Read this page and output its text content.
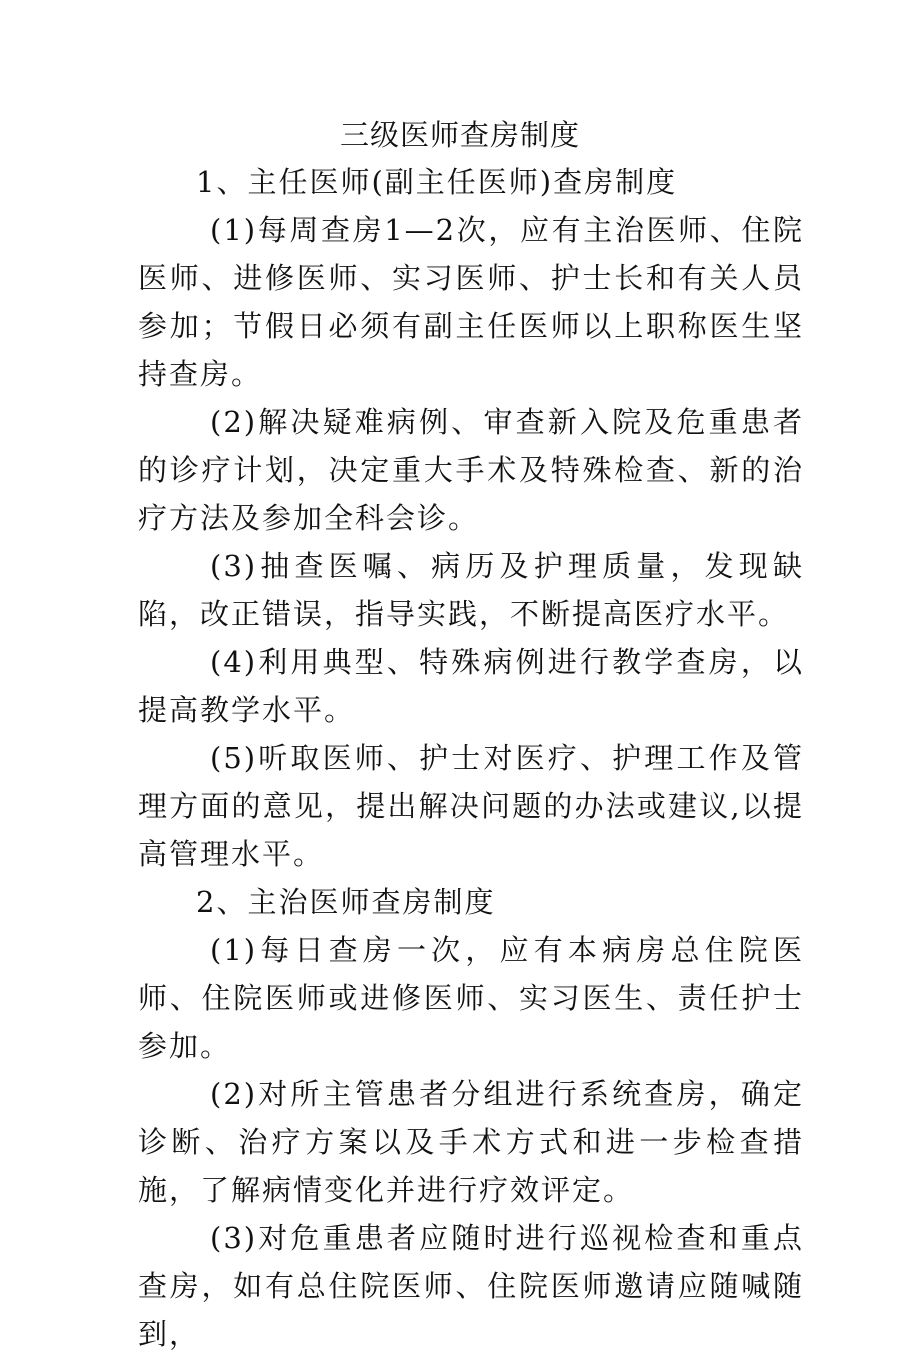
三级医师查房制度

1、主任医师(副主任医师)查房制度

(1)每周查房1—2次，应有主治医师、住院医师、进修医师、实习医师、护士长和有关人员参加；节假日必须有副主任医师以上职称医生坚持查房。

(2)解决疑难病例、审查新入院及危重患者的诊疗计划，决定重大手术及特殊检查、新的治疗方法及参加全科会诊。

(3)抽查医嘱、病历及护理质量，发现缺陷，改正错误，指导实践，不断提高医疗水平。

(4)利用典型、特殊病例进行教学查房，以提高教学水平。

(5)听取医师、护士对医疗、护理工作及管理方面的意见，提出解决问题的办法或建议,以提高管理水平。

2、主治医师查房制度

(1)每日查房一次，应有本病房总住院医师、住院医师或进修医师、实习医生、责任护士参加。

(2)对所主管患者分组进行系统查房，确定诊断、治疗方案以及手术方式和进一步检查措施，了解病情变化并进行疗效评定。

(3)对危重患者应随时进行巡视检查和重点查房，如有总住院医师、住院医师邀请应随喊随到，
